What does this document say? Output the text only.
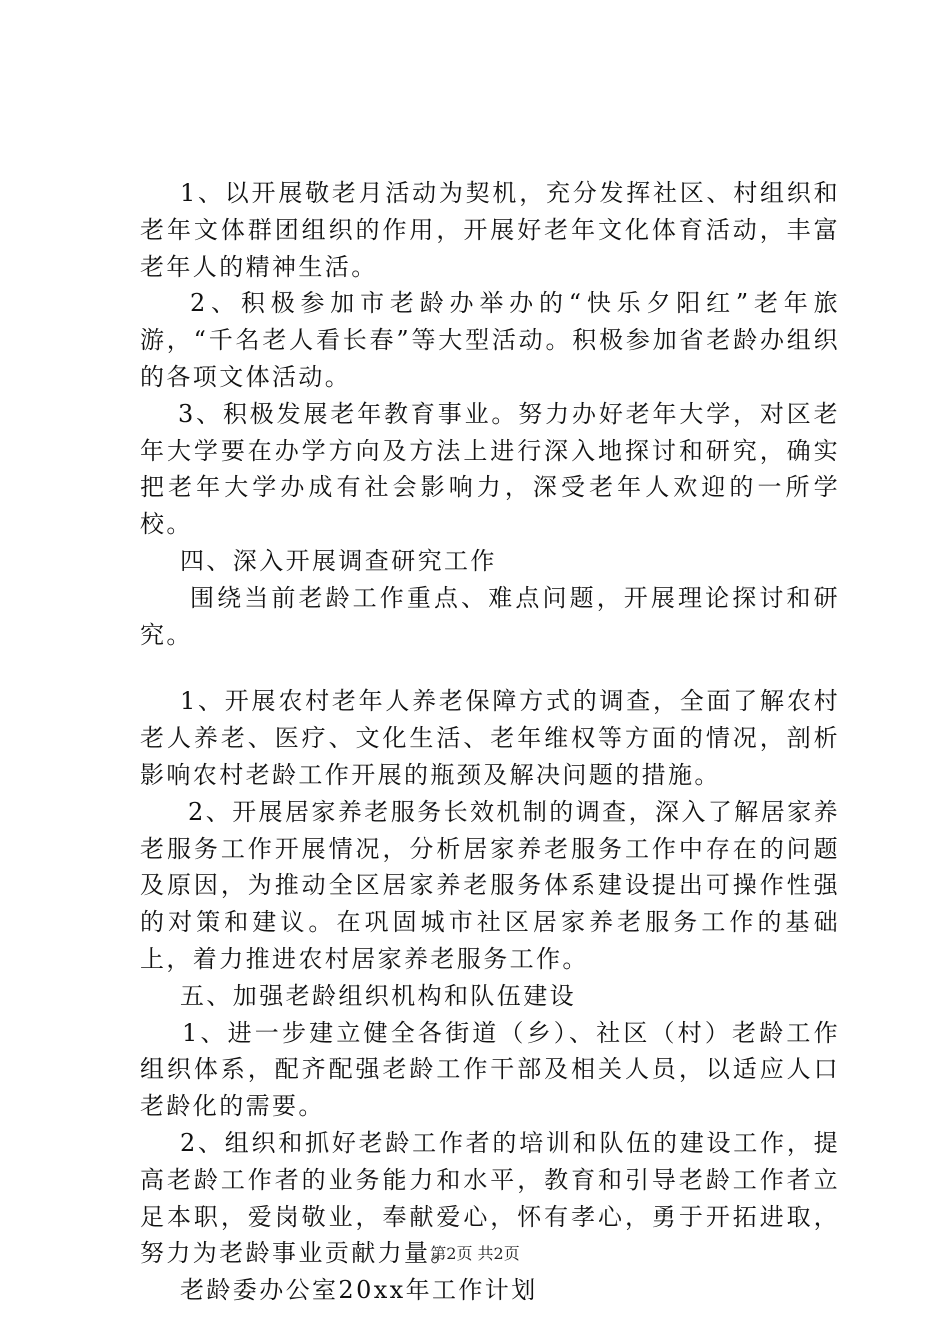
1、以开展敬老月活动为契机，充分发挥社区、村组织和老年文体群团组织的作用，开展好老年文化体育活动，丰富老年人的精神生活。

2、积极参加市老龄办举办的“快乐夕阳红”老年旅游，“千名老人看长春”等大型活动。积极参加省老龄办组织的各项文体活动。

3、积极发展老年教育事业。努力办好老年大学，对区老年大学要在办学方向及方法上进行深入地探讨和研究，确实把老年大学办成有社会影响力，深受老年人欢迎的一所学校。

四、深入开展调查研究工作

围绕当前老龄工作重点、难点问题，开展理论探讨和研究。

1、开展农村老年人养老保障方式的调查，全面了解农村老人养老、医疗、文化生活、老年维权等方面的情况，剖析影响农村老龄工作开展的瓶颈及解决问题的措施。

2、开展居家养老服务长效机制的调查，深入了解居家养老服务工作开展情况，分析居家养老服务工作中存在的问题及原因，为推动全区居家养老服务体系建设提出可操作性强的对策和建议。在巩固城市社区居家养老服务工作的基础上，着力推进农村居家养老服务工作。

五、加强老龄组织机构和队伍建设

1、进一步建立健全各街道（乡）、社区（村）老龄工作组织体系，配齐配强老龄工作干部及相关人员，以适应人口老龄化的需要。

2、组织和抓好老龄工作者的培训和队伍的建设工作，提高老龄工作者的业务能力和水平，教育和引导老龄工作者立足本职，爱岗敬业，奉献爱心，怀有孝心，勇于开拓进取，努力为老龄事业贡献力量。

老龄委办公室20xx年工作计划

第2页 共2页
